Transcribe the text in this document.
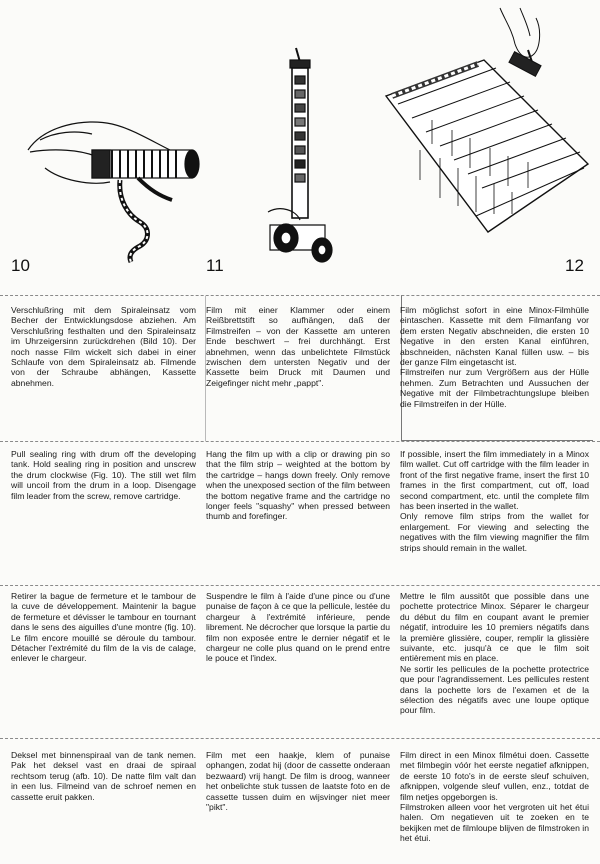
10	11	12

Verschlußring mit dem Spiraleinsatz vom Becher der Entwicklungsdose abziehen. Am Verschlußring festhalten und den Spiraleinsatz im Uhrzeigersinn zurückdrehen (Bild 10). Der noch nasse Film wickelt sich dabei in einer Schlaufe von dem Spiraleinsatz ab. Filmende von der Schraube abhängen, Kassette abnehmen.

Film mit einer Klammer oder einem Reißbrettstift so aufhängen, daß der Filmstreifen – von der Kassette am unteren Ende beschwert – frei durchhängt. Erst abnehmen, wenn das unbelichtete Filmstück zwischen dem untersten Negativ und der Kassette beim Druck mit Daumen und Zeigefinger nicht mehr „pappt".

Film möglichst sofort in eine Minox-Filmhülle eintaschen. Kassette mit dem Filmanfang vor dem ersten Negativ abschneiden, die ersten 10 Negative in den ersten Kanal einführen, abschneiden, nächsten Kanal füllen usw. – bis der ganze Film eingetascht ist.

Filmstreifen nur zum Vergrößern aus der Hülle nehmen. Zum Betrachten und Aussuchen der Negative mit der Filmbetrachtungslupe bleiben die Filmstreifen in der Hülle.

Pull sealing ring with drum off the developing tank. Hold sealing ring in position and unscrew the drum clockwise (Fig. 10). The still wet film will uncoil from the drum in a loop. Disengage film leader from the screw, remove cartridge.

Hang the film up with a clip or drawing pin so that the film strip – weighted at the bottom by the cartridge – hangs down freely. Only remove when the unexposed section of the film between the bottom negative frame and the cartridge no longer feels "squashy" when pressed between thumb and forefinger.

If possible, insert the film immediately in a Minox film wallet. Cut off cartridge with the film leader in front of the first negative frame, insert the first 10 frames in the first compartment, cut off, load second compartment, etc. until the complete film has been inserted in the wallet.

Only remove film strips from the wallet for enlargement. For viewing and selecting the negatives with the film viewing magnifier the film strips should remain in the wallet.

Retirer la bague de fermeture et le tambour de la cuve de développement. Maintenir la bague de fermeture et dévisser le tambour en tournant dans le sens des aiguilles d'une montre (fig. 10). Le film encore mouillé se déroule du tambour. Détacher l'extrémité du film de la vis de calage, enlever le chargeur.

Suspendre le film à l'aide d'une pince ou d'une punaise de façon à ce que la pellicule, lestée du chargeur à l'extrémité inférieure, pende librement. Ne décrocher que lorsque la partie du film non exposée entre le dernier négatif et le chargeur ne colle plus quand on le prend entre le pouce et l'index.

Mettre le film aussitôt que possible dans une pochette protectrice Minox. Séparer le chargeur du début du film en coupant avant le premier négatif, introduire les 10 premiers négatifs dans la première glissière, couper, remplir la glissière suivante, etc. jusqu'à ce que le film soit entièrement mis en place.

Ne sortir les pellicules de la pochette protectrice que pour l'agrandissement. Les pellicules restent dans la pochette lors de l'examen et de la sélection des négatifs avec une loupe optique pour film.

Deksel met binnenspiraal van de tank nemen. Pak het deksel vast en draai de spiraal rechtsom terug (afb. 10). De natte film valt dan in een lus. Filmeind van de schroef nemen en cassette eruit pakken.

Film met een haakje, klem of punaise ophangen, zodat hij (door de cassette onderaan bezwaard) vrij hangt. De film is droog, wanneer het onbelichte stuk tussen de laatste foto en de cassette tussen duim en wijsvinger niet meer "pikt".

Film direct in een Minox filmétui doen. Cassette met filmbegin vóór het eerste negatief afknippen, de eerste 10 foto's in de eerste sleuf schuiven, afknippen, volgende sleuf vullen, enz., totdat de film netjes opgeborgen is.

Filmstroken alleen voor het vergroten uit het étui halen. Om negatieven uit te zoeken en te bekijken met de filmloupe blijven de filmstroken in het étui.
